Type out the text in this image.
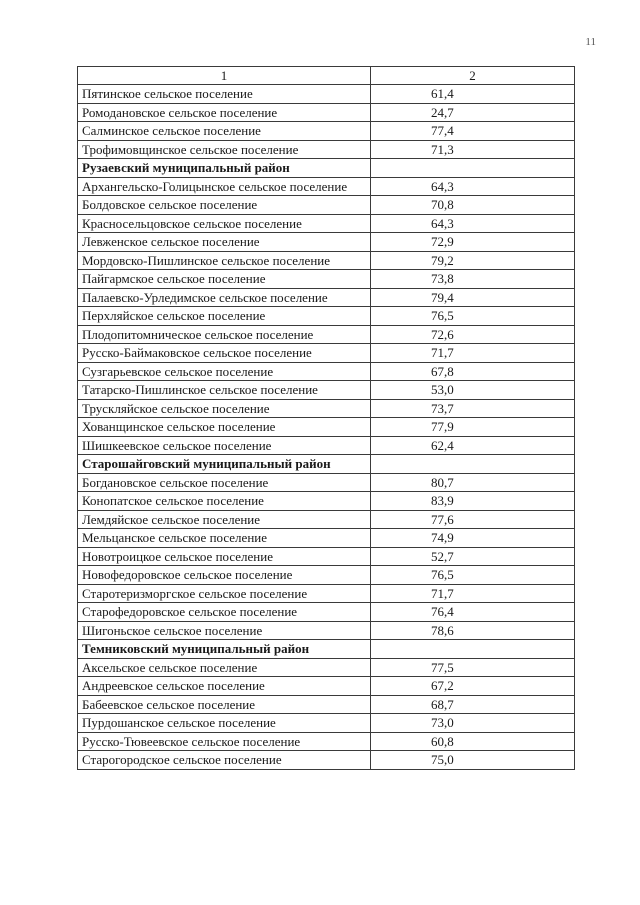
11
1	2
Пятинское сельское поселение	61,4
Ромодановское сельское поселение	24,7
Салминское сельское поселение	77,4
Трофимовщинское сельское поселение	71,3
Рузаевский муниципальный район	
Архангельско-Голицынское сельское поселение	64,3
Болдовское сельское поселение	70,8
Красносельцовское сельское поселение	64,3
Левженское сельское поселение	72,9
Мордовско-Пишлинское сельское поселение	79,2
Пайгармское сельское поселение	73,8
Палаевско-Урледимское сельское поселение	79,4
Перхляйское сельское поселение	76,5
Плодопитомническое сельское поселение	72,6
Русско-Баймаковское сельское поселение	71,7
Сузгарьевское сельское поселение	67,8
Татарско-Пишлинское сельское поселение	53,0
Трускляйское сельское поселение	73,7
Хованщинское сельское поселение	77,9
Шишкеевское сельское поселение	62,4
Старошайговский муниципальный район	
Богдановское сельское поселение	80,7
Конопатское сельское поселение	83,9
Лемдяйское сельское поселение	77,6
Мельцанское сельское поселение	74,9
Новотроицкое сельское поселение	52,7
Новофедоровское сельское поселение	76,5
Старотеризморгское сельское поселение	71,7
Старофедоровское сельское поселение	76,4
Шигоньское сельское поселение	78,6
Темниковский муниципальный район	
Аксельское сельское поселение	77,5
Андреевское сельское поселение	67,2
Бабеевское сельское поселение	68,7
Пурдошанское сельское поселение	73,0
Русско-Тювеевское сельское поселение	60,8
Старогородское сельское поселение	75,0
